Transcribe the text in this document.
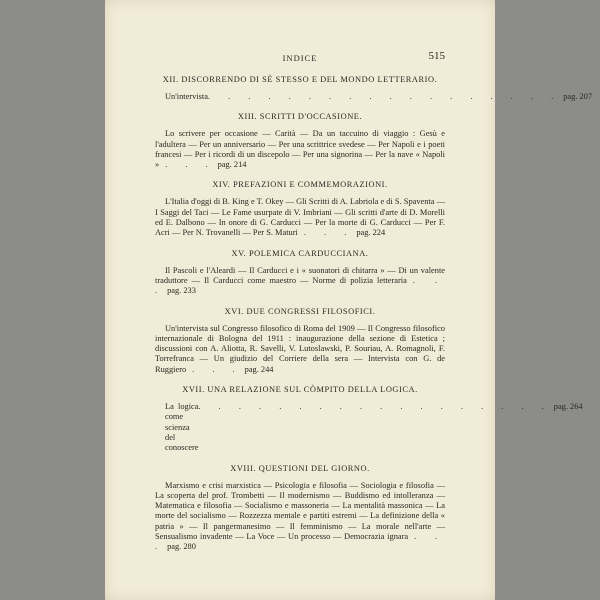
INDICE	515
XII. DISCORRENDO DI SÈ STESSO E DEL MONDO LETTERARIO.
Un'intervista . . . . . . . . . . . . . . . . . . pag. 207
XIII. SCRITTI D'OCCASIONE.
Lo scrivere per occasione — Carità — Da un taccuino di viaggio : Gesù e l'adultera — Per un anniversario — Per una scrittrice svedese — Per Napoli e i poeti francesi — Per i ricordi di un discepolo — Per una signorina — Per la nave « Napoli » . . . pag. 214
XIV. PREFAZIONI E COMMEMORAZIONI.
L'Italia d'oggi di B. King e T. Okey — Gli Scritti di A. Labriola e di S. Spaventa — I Saggi del Taci — Le Fame usurpate di V. Imbriani — Gli scritti d'arte di D. Morelli ed E. Dalbono — In onore di G. Carducci — Per la morte di G. Carducci — Per F. Acri — Per N. Trovanelli — Per S. Maturi . . . pag. 224
XV. POLEMICA CARDUCCIANA.
Il Pascoli e l'Aleardi — Il Carducci e i « suonatori di chitarra » — Di un valente traduttore — Il Carducci come maestro — Norme di polizia letteraria . . . pag. 233
XVI. DUE CONGRESSI FILOSOFICI.
Un'intervista sul Congresso filosofico di Roma del 1909 — Il Congresso filosofico internazionale di Bologna del 1911 : inaugurazione della sezione di Estetica ; discussioni con A. Aliotta, R. Savelli, V. Lutoslawski, P. Souriau, A. Romagnoli, F. Torrefranca — Un giudizio del Corriere della sera — Intervista con G. de Ruggiero . . . pag. 244
XVII. UNA RELAZIONE SUL CÒMPITO DELLA LOGICA.
La logica come scienza del conoscere
. . . . . . . . . . . . . . . . . . pag. 264
XVIII. QUESTIONI DEL GIORNO.
Marxismo e crisi marxistica — Psicologia e filosofia — Sociologia e filosofia — La scoperta del prof. Trombetti — Il modernismo — Buddismo ed intolleranza — Matematica e filosofia — Socialismo e massoneria — La mentalità massonica — La morte del socialismo — Rozzezza mentale e partiti estremi — La definizione della « patria » — Il pangermanesimo — Il femminismo — La morale nell'arte — Sensualismo invadente — La Voce — Un processo — Democrazia ignara . . . pag. 280
